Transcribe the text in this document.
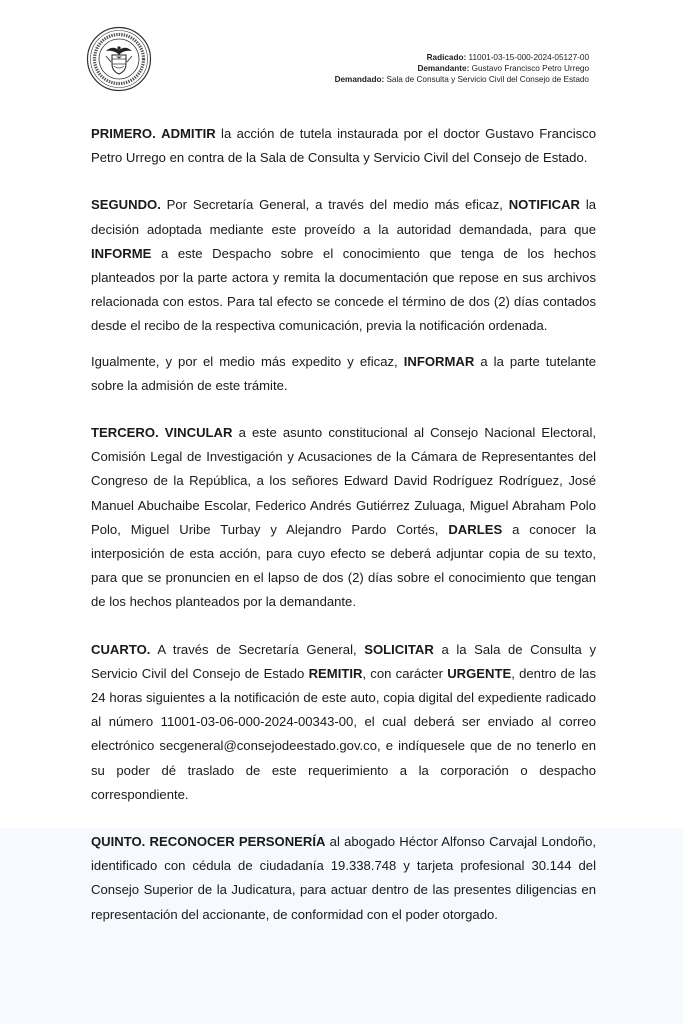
Radicado: 11001-03-15-000-2024-05127-00
Demandante: Gustavo Francisco Petro Urrego
Demandado: Sala de Consulta y Servicio Civil del Consejo de Estado

PRIMERO. ADMITIR la acción de tutela instaurada por el doctor Gustavo Francisco Petro Urrego en contra de la Sala de Consulta y Servicio Civil del Consejo de Estado.

SEGUNDO. Por Secretaría General, a través del medio más eficaz, NOTIFICAR la decisión adoptada mediante este proveído a la autoridad demandada, para que INFORME a este Despacho sobre el conocimiento que tenga de los hechos planteados por la parte actora y remita la documentación que repose en sus archivos relacionada con estos. Para tal efecto se concede el término de dos (2) días contados desde el recibo de la respectiva comunicación, previa la notificación ordenada.

Igualmente, y por el medio más expedito y eficaz, INFORMAR a la parte tutelante sobre la admisión de este trámite.

TERCERO. VINCULAR a este asunto constitucional al Consejo Nacional Electoral, Comisión Legal de Investigación y Acusaciones de la Cámara de Representantes del Congreso de la República, a los señores Edward David Rodríguez Rodríguez, José Manuel Abuchaibe Escolar, Federico Andrés Gutiérrez Zuluaga, Miguel Abraham Polo Polo, Miguel Uribe Turbay y Alejandro Pardo Cortés, DARLES a conocer la interposición de esta acción, para cuyo efecto se deberá adjuntar copia de su texto, para que se pronuncien en el lapso de dos (2) días sobre el conocimiento que tengan de los hechos planteados por la demandante.

CUARTO. A través de Secretaría General, SOLICITAR a la Sala de Consulta y Servicio Civil del Consejo de Estado REMITIR, con carácter URGENTE, dentro de las 24 horas siguientes a la notificación de este auto, copia digital del expediente radicado al número 11001-03-06-000-2024-00343-00, el cual deberá ser enviado al correo electrónico secgeneral@consejodeestado.gov.co, e indíquesele que de no tenerlo en su poder dé traslado de este requerimiento a la corporación o despacho correspondiente.

QUINTO. RECONOCER PERSONERÍA al abogado Héctor Alfonso Carvajal Londoño, identificado con cédula de ciudadanía 19.338.748 y tarjeta profesional 30.144 del Consejo Superior de la Judicatura, para actuar dentro de las presentes diligencias en representación del accionante, de conformidad con el poder otorgado.
